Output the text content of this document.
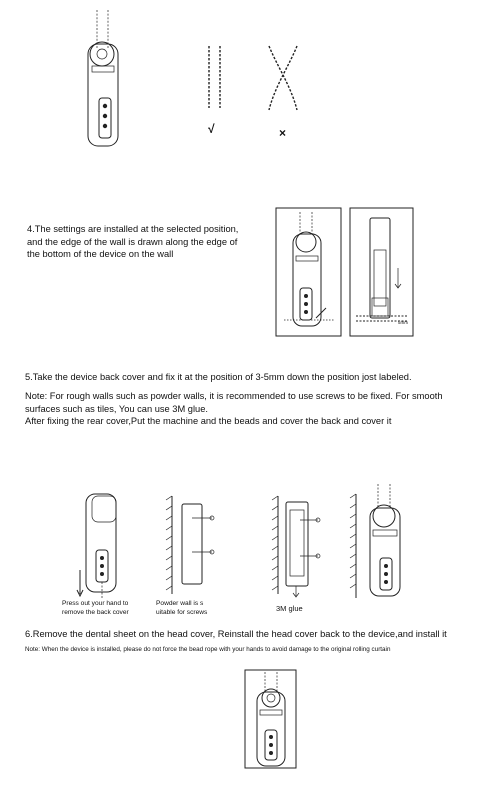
√	×
4.The settings are installed at the selected position,
and the edge of the wall is drawn along the edge of
the bottom of the device on the wall
5mm
5.Take the device back cover and fix it at the position of 3-5mm down the position jost labeled.
Note: For rough walls such as powder walls, it is recommended to use screws to be fixed. For smooth
surfaces such as tiles, You can use 3M glue.
After fixing the rear cover,Put the machine and the beads and cover the back and cover it
Press out your hand to
remove the back cover
Powder wall is s
uitable for screws	3M glue
6.Remove the dental sheet on the head cover, Reinstall the head cover back to the device,and install it
Note: When the device is installed, please do not force the bead rope with your hands to avoid damage to the original rolling curtain
